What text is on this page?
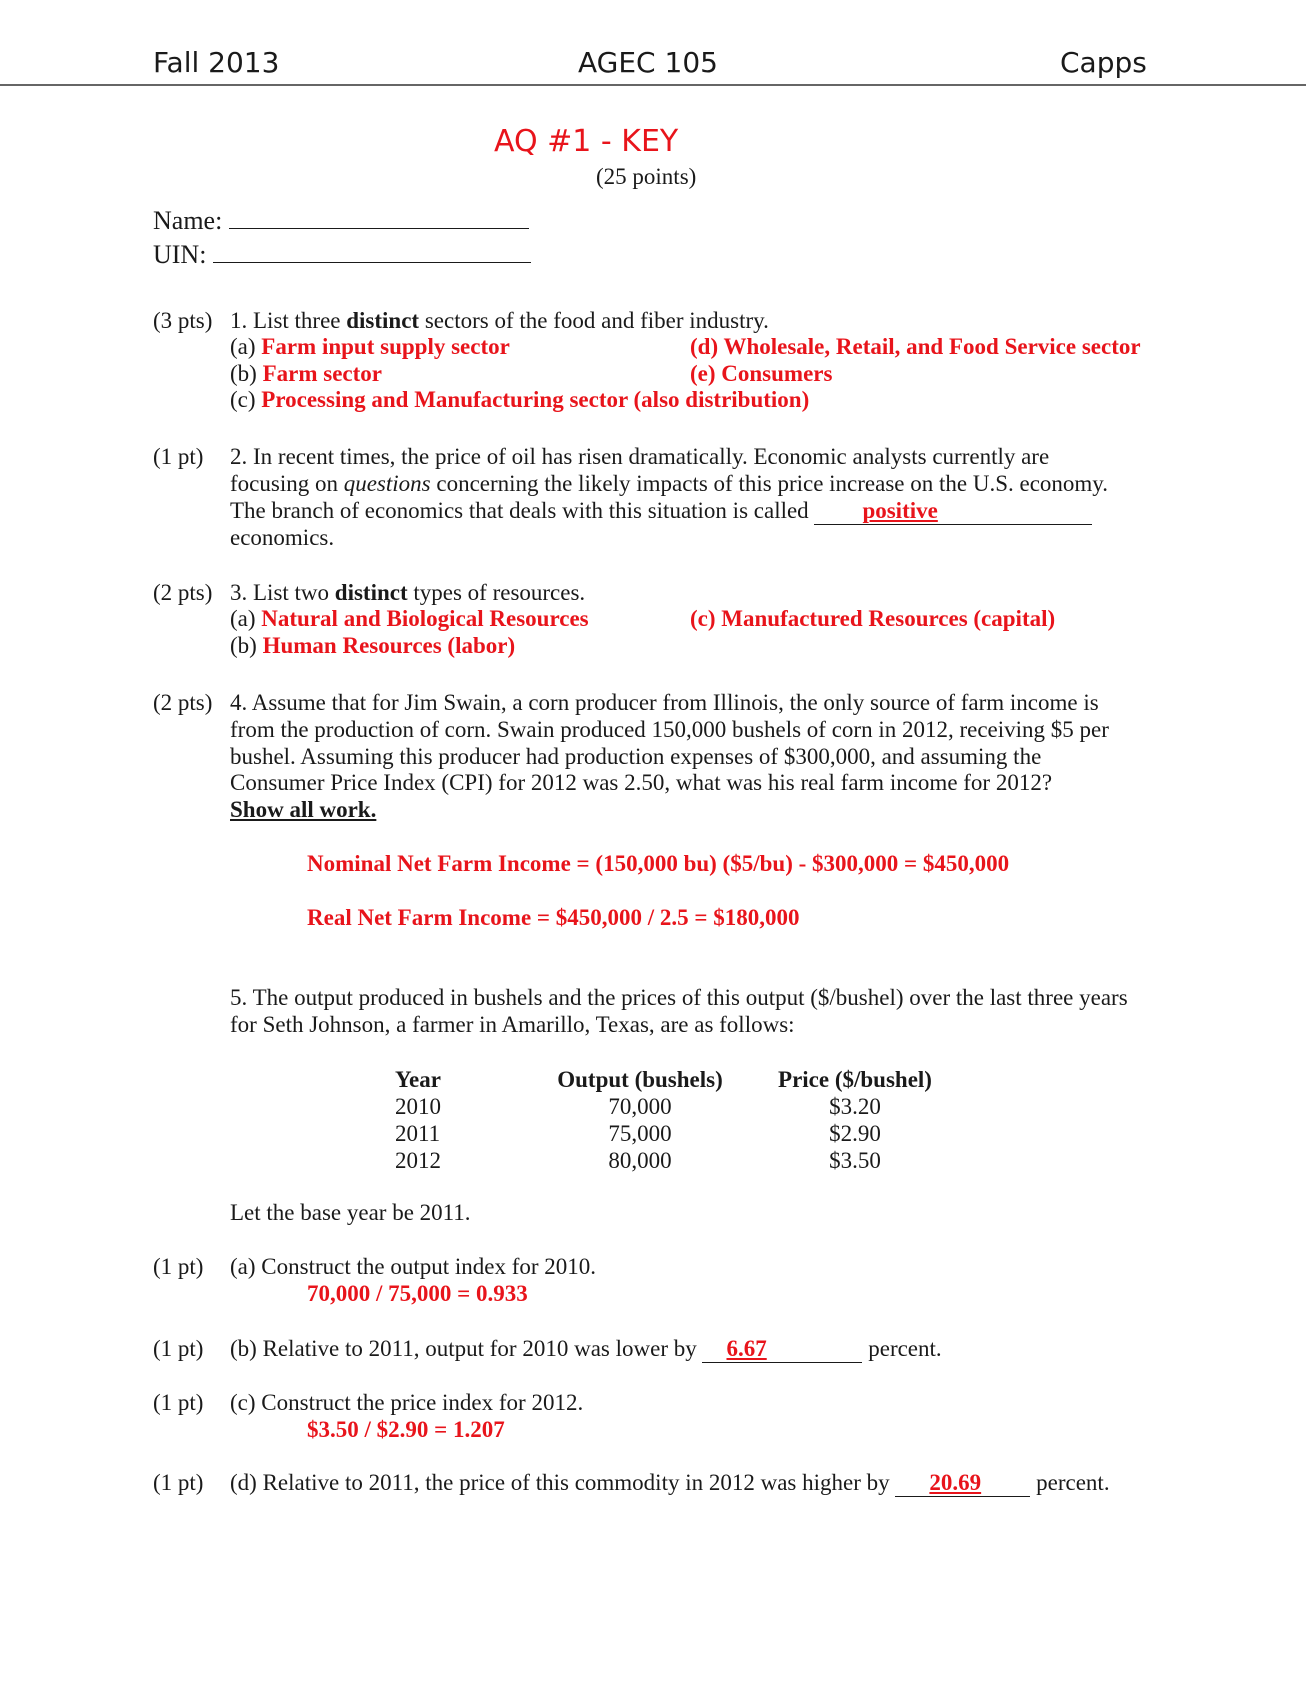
Fall 2013	AGEC 105	Capps
AQ #1 - KEY
(25 points)
Name:
UIN:
(3 pts) 1. List three distinct sectors of the food and fiber industry.
(a) Farm input supply sector
(b) Farm sector
(c) Processing and Manufacturing sector (also distribution)
(d) Wholesale, Retail, and Food Service sector
(e) Consumers
(1 pt) 2. In recent times, the price of oil has risen dramatically. Economic analysts currently are
focusing on questions concerning the likely impacts of this price increase on the U.S. economy.
The branch of economics that deals with this situation is called positive
economics.
(2 pts) 3. List two distinct types of resources.
(a) Natural and Biological Resources
(b) Human Resources (labor)
(c) Manufactured Resources (capital)
(2 pts) 4. Assume that for Jim Swain, a corn producer from Illinois, the only source of farm income is
from the production of corn. Swain produced 150,000 bushels of corn in 2012, receiving $5 per
bushel. Assuming this producer had production expenses of $300,000, and assuming the
Consumer Price Index (CPI) for 2012 was 2.50, what was his real farm income for 2012?
Show all work.
Nominal Net Farm Income = (150,000 bu) ($5/bu) - $300,000 = $450,000
Real Net Farm Income = $450,000 / 2.5 = $180,000
5. The output produced in bushels and the prices of this output ($/bushel) over the last three years
for Seth Johnson, a farmer in Amarillo, Texas, are as follows:
Year	Output (bushels)	Price ($/bushel)
2010	70,000	$3.20
2011	75,000	$2.90
2012	80,000	$3.50
Let the base year be 2011.
(1 pt) (a) Construct the output index for 2010.
70,000 / 75,000 = 0.933
(1 pt) (b) Relative to 2011, output for 2010 was lower by 6.67	percent.
(1 pt) (c) Construct the price index for 2012.
$3.50 / $2.90 = 1.207
(1 pt) (d) Relative to 2011, the price of this commodity in 2012 was higher by 20.69 percent.
